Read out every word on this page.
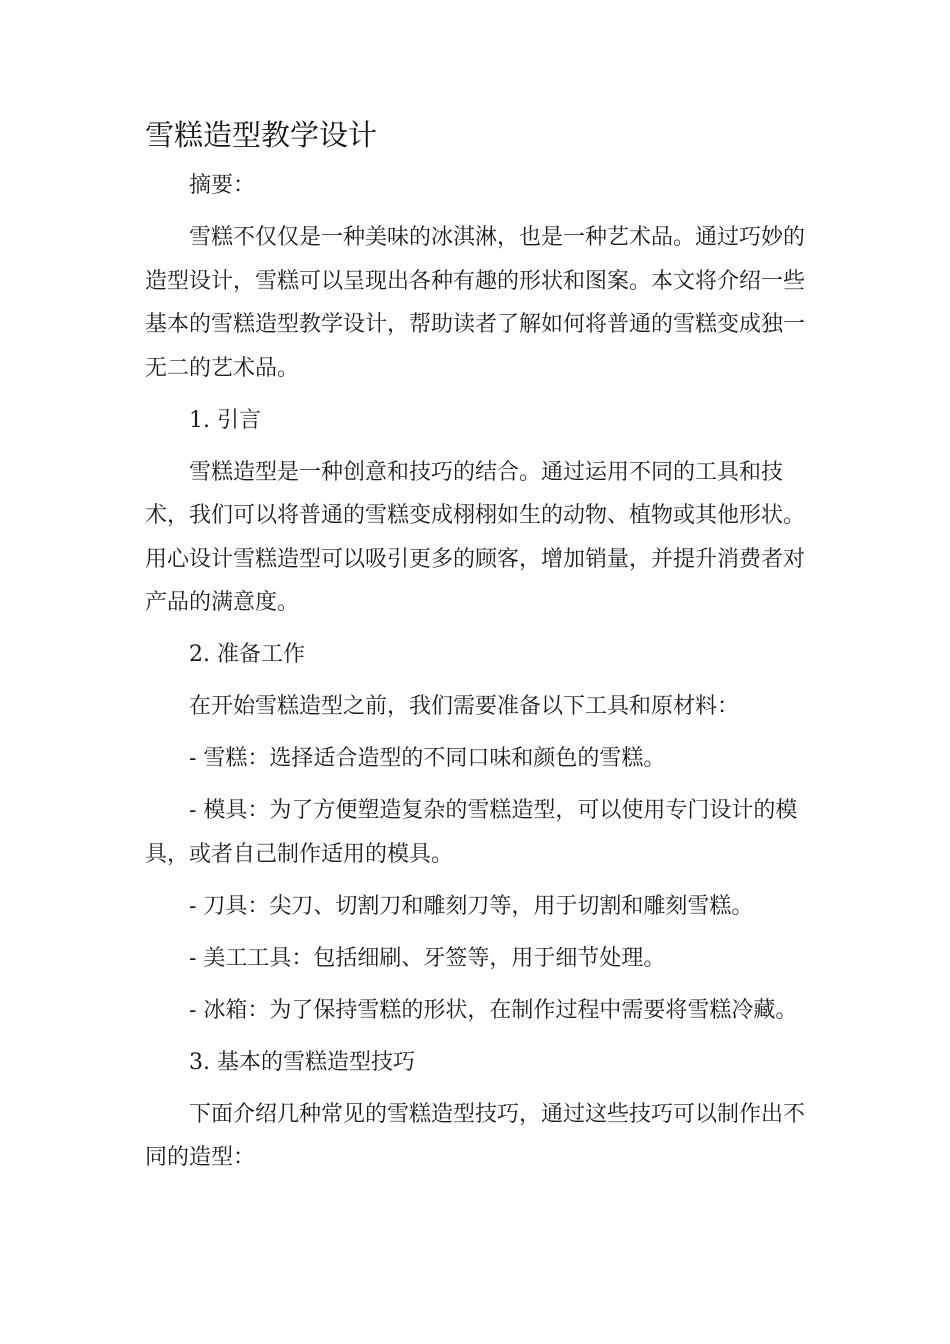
雪糕造型教学设计

摘要：

雪糕不仅仅是一种美味的冰淇淋，也是一种艺术品。通过巧妙的造型设计，雪糕可以呈现出各种有趣的形状和图案。本文将介绍一些基本的雪糕造型教学设计，帮助读者了解如何将普通的雪糕变成独一无二的艺术品。

1. 引言

雪糕造型是一种创意和技巧的结合。通过运用不同的工具和技术，我们可以将普通的雪糕变成栩栩如生的动物、植物或其他形状。用心设计雪糕造型可以吸引更多的顾客，增加销量，并提升消费者对产品的满意度。

2. 准备工作

在开始雪糕造型之前，我们需要准备以下工具和原材料：

- 雪糕：选择适合造型的不同口味和颜色的雪糕。

- 模具：为了方便塑造复杂的雪糕造型，可以使用专门设计的模具，或者自己制作适用的模具。

- 刀具：尖刀、切割刀和雕刻刀等，用于切割和雕刻雪糕。

- 美工工具：包括细刷、牙签等，用于细节处理。

- 冰箱：为了保持雪糕的形状，在制作过程中需要将雪糕冷藏。

3. 基本的雪糕造型技巧

下面介绍几种常见的雪糕造型技巧，通过这些技巧可以制作出不同的造型：
